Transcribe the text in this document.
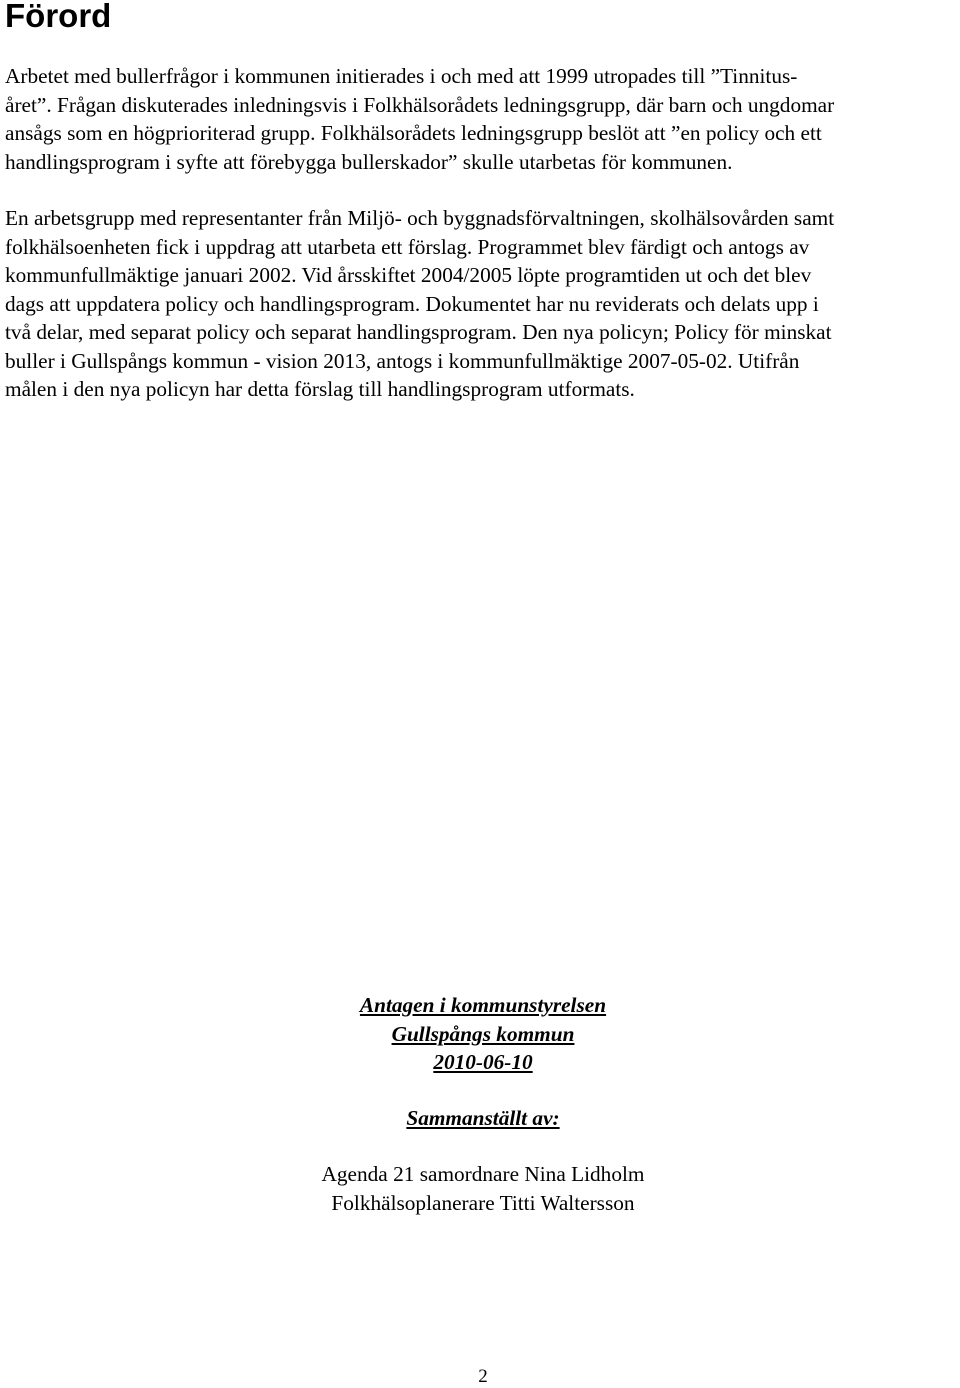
Förord

Arbetet med bullerfrågor i kommunen initierades i och med att 1999 utropades till ”Tinnitus-
året”. Frågan diskuterades inledningsvis i Folkhälsorådets ledningsgrupp, där barn och ungdomar
ansågs som en högprioriterad grupp. Folkhälsorådets ledningsgrupp beslöt att ”en policy och ett
handlingsprogram i syfte att förebygga bullerskador” skulle utarbetas för kommunen.

En arbetsgrupp med representanter från Miljö- och byggnadsförvaltningen, skolhälsovården samt
folkhälsoenheten fick i uppdrag att utarbeta ett förslag. Programmet blev färdigt och antogs av
kommunfullmäktige januari 2002. Vid årsskiftet 2004/2005 löpte programtiden ut och det blev
dags att uppdatera policy och handlingsprogram. Dokumentet har nu reviderats och delats upp i
två delar, med separat policy och separat handlingsprogram. Den nya policyn; Policy för minskat
buller i Gullspångs kommun - vision 2013, antogs i kommunfullmäktige 2007-05-02. Utifrån
målen i den nya policyn har detta förslag till handlingsprogram utformats.

Antagen i kommunstyrelsen
Gullspångs kommun
2010-06-10
Sammanställt av:
Agenda 21 samordnare Nina Lidholm
Folkhälsoplanerare Titti Waltersson
2
